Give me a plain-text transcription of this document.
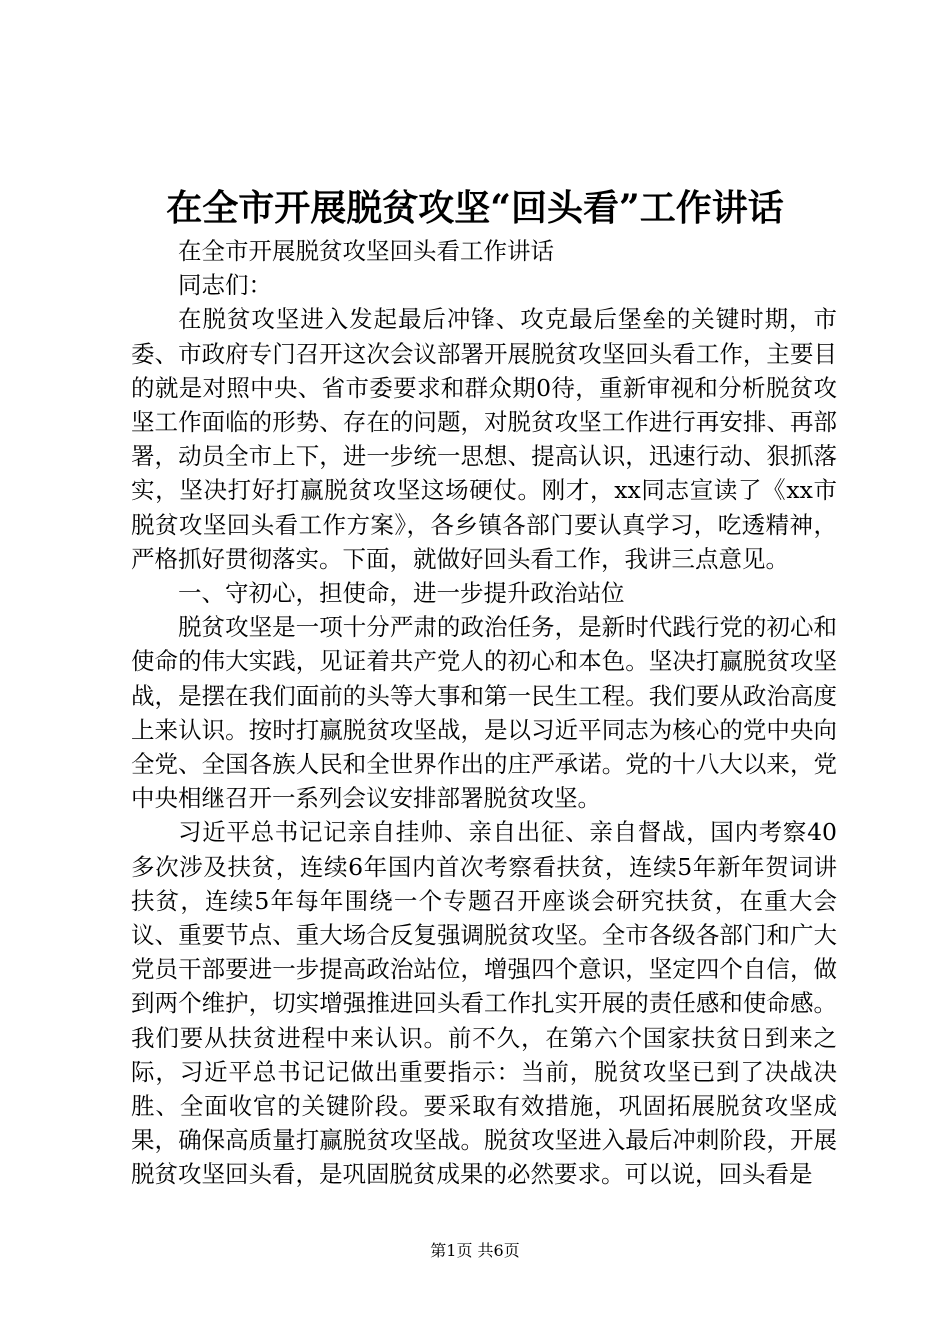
在全市开展脱贫攻坚“回头看”工作讲话

在全市开展脱贫攻坚回头看工作讲话

同志们：

在脱贫攻坚进入发起最后冲锋、攻克最后堡垒的关键时期，市委、市政府专门召开这次会议部署开展脱贫攻坚回头看工作，主要目的就是对照中央、省市委要求和群众期0待，重新审视和分析脱贫攻坚工作面临的形势、存在的问题，对脱贫攻坚工作进行再安排、再部署，动员全市上下，进一步统一思想、提高认识，迅速行动、狠抓落实，坚决打好打赢脱贫攻坚这场硬仗。刚才，xx同志宣读了《xx市脱贫攻坚回头看工作方案》，各乡镇各部门要认真学习，吃透精神，严格抓好贯彻落实。下面，就做好回头看工作，我讲三点意见。

一、守初心，担使命，进一步提升政治站位

脱贫攻坚是一项十分严肃的政治任务，是新时代践行党的初心和使命的伟大实践，见证着共产党人的初心和本色。坚决打赢脱贫攻坚战，是摆在我们面前的头等大事和第一民生工程。我们要从政治高度上来认识。按时打赢脱贫攻坚战，是以习近平同志为核心的党中央向全党、全国各族人民和全世界作出的庄严承诺。党的十八大以来，党中央相继召开一系列会议安排部署脱贫攻坚。

习近平总书记记亲自挂帅、亲自出征、亲自督战，国内考察40多次涉及扶贫，连续6年国内首次考察看扶贫，连续5年新年贺词讲扶贫，连续5年每年围绕一个专题召开座谈会研究扶贫，在重大会议、重要节点、重大场合反复强调脱贫攻坚。全市各级各部门和广大党员干部要进一步提高政治站位，增强四个意识，坚定四个自信，做到两个维护，切实增强推进回头看工作扎实开展的责任感和使命感。我们要从扶贫进程中来认识。前不久，在第六个国家扶贫日到来之际，习近平总书记记做出重要指示：当前，脱贫攻坚已到了决战决胜、全面收官的关键阶段。要采取有效措施，巩固拓展脱贫攻坚成果，确保高质量打赢脱贫攻坚战。脱贫攻坚进入最后冲刺阶段，开展脱贫攻坚回头看，是巩固脱贫成果的必然要求。可以说，回头看是

第1页 共6页
